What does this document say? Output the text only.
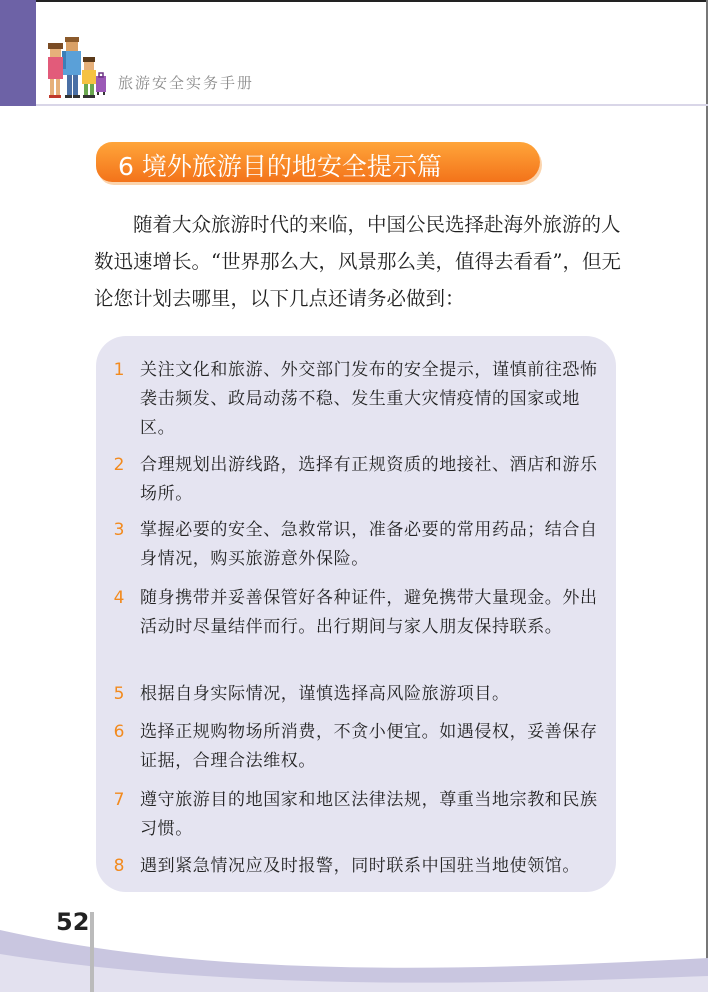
旅游安全实务手册
6 境外旅游目的地安全提示篇

随着大众旅游时代的来临，中国公民选择赴海外旅游的人数迅速增长。“世界那么大，风景那么美，值得去看看”，但无论您计划去哪里，以下几点还请务必做到：

1 关注文化和旅游、外交部门发布的安全提示，谨慎前往恐怖袭击频发、政局动荡不稳、发生重大灾情疫情的国家或地区。
2 合理规划出游线路，选择有正规资质的地接社、酒店和游乐场所。
3 掌握必要的安全、急救常识，准备必要的常用药品；结合自身情况，购买旅游意外保险。
4 随身携带并妥善保管好各种证件，避免携带大量现金。外出活动时尽量结伴而行。出行期间与家人朋友保持联系。
5 根据自身实际情况，谨慎选择高风险旅游项目。
6 选择正规购物场所消费，不贪小便宜。如遇侵权，妥善保存证据，合理合法维权。
7 遵守旅游目的地国家和地区法律法规，尊重当地宗教和民族习惯。
8 遇到紧急情况应及时报警，同时联系中国驻当地使领馆。
52
